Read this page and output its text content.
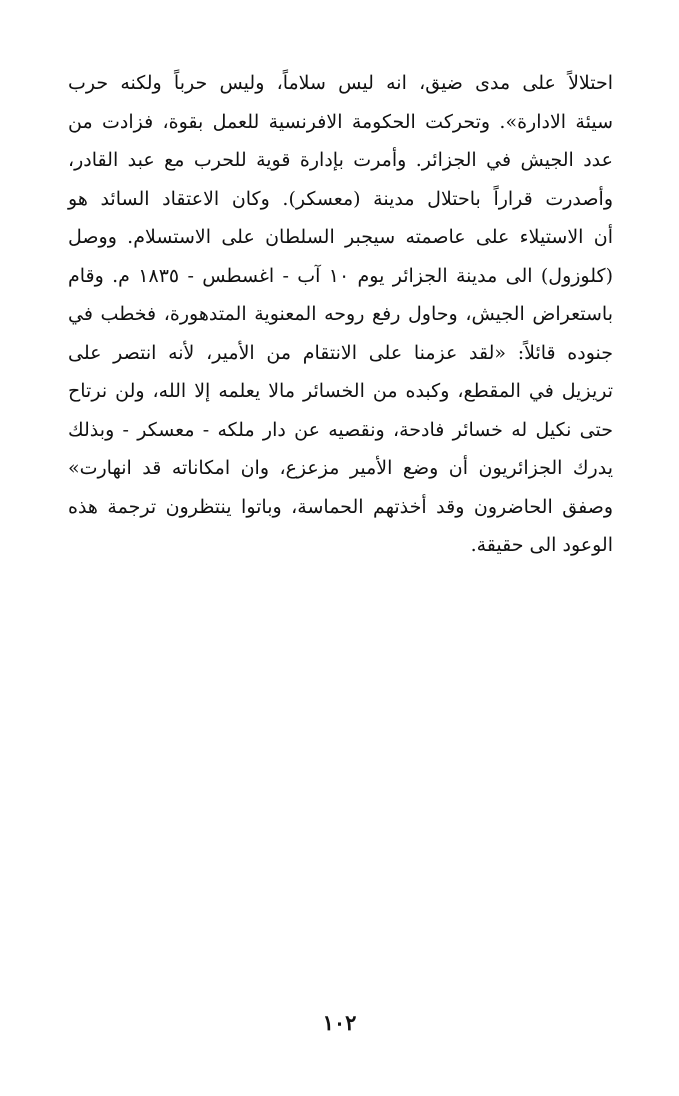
احتلالاً على مدى ضيق، انه ليس سلاماً، وليس حرباً ولكنه حرب
سيئة الادارة». وتحركت الحكومة الافرنسية للعمل بقوة، فزادت من
عدد الجيش في الجزائر. وأمرت بإدارة قوية للحرب مع عبد القادر،
وأصدرت قراراً باحتلال مدينة (معسكر). وكان الاعتقاد السائد هو
أن الاستيلاء على عاصمته سيجبر السلطان على الاستسلام. ووصل
(كلوزول) الى مدينة الجزائر يوم ١٠ آب - اغسطس - ١٨٣٥ م. وقام
باستعراض الجيش، وحاول رفع روحه المعنوية المتدهورة، فخطب في
جنوده قائلاً: «لقد عزمنا على الانتقام من الأمير، لأنه انتصر على
تريزيل في المقطع، وكبده من الخسائر مالا يعلمه إلا الله، ولن نرتاح
حتى نكيل له خسائر فادحة، ونقصيه عن دار ملكه - معسكر - وبذلك
يدرك الجزائريون أن وضع الأمير مزعزع، وان امكاناته قد انهارت»
وصفق الحاضرون وقد أخذتهم الحماسة، وباتوا ينتظرون ترجمة هذه
الوعود الى حقيقة.
١٠٢
